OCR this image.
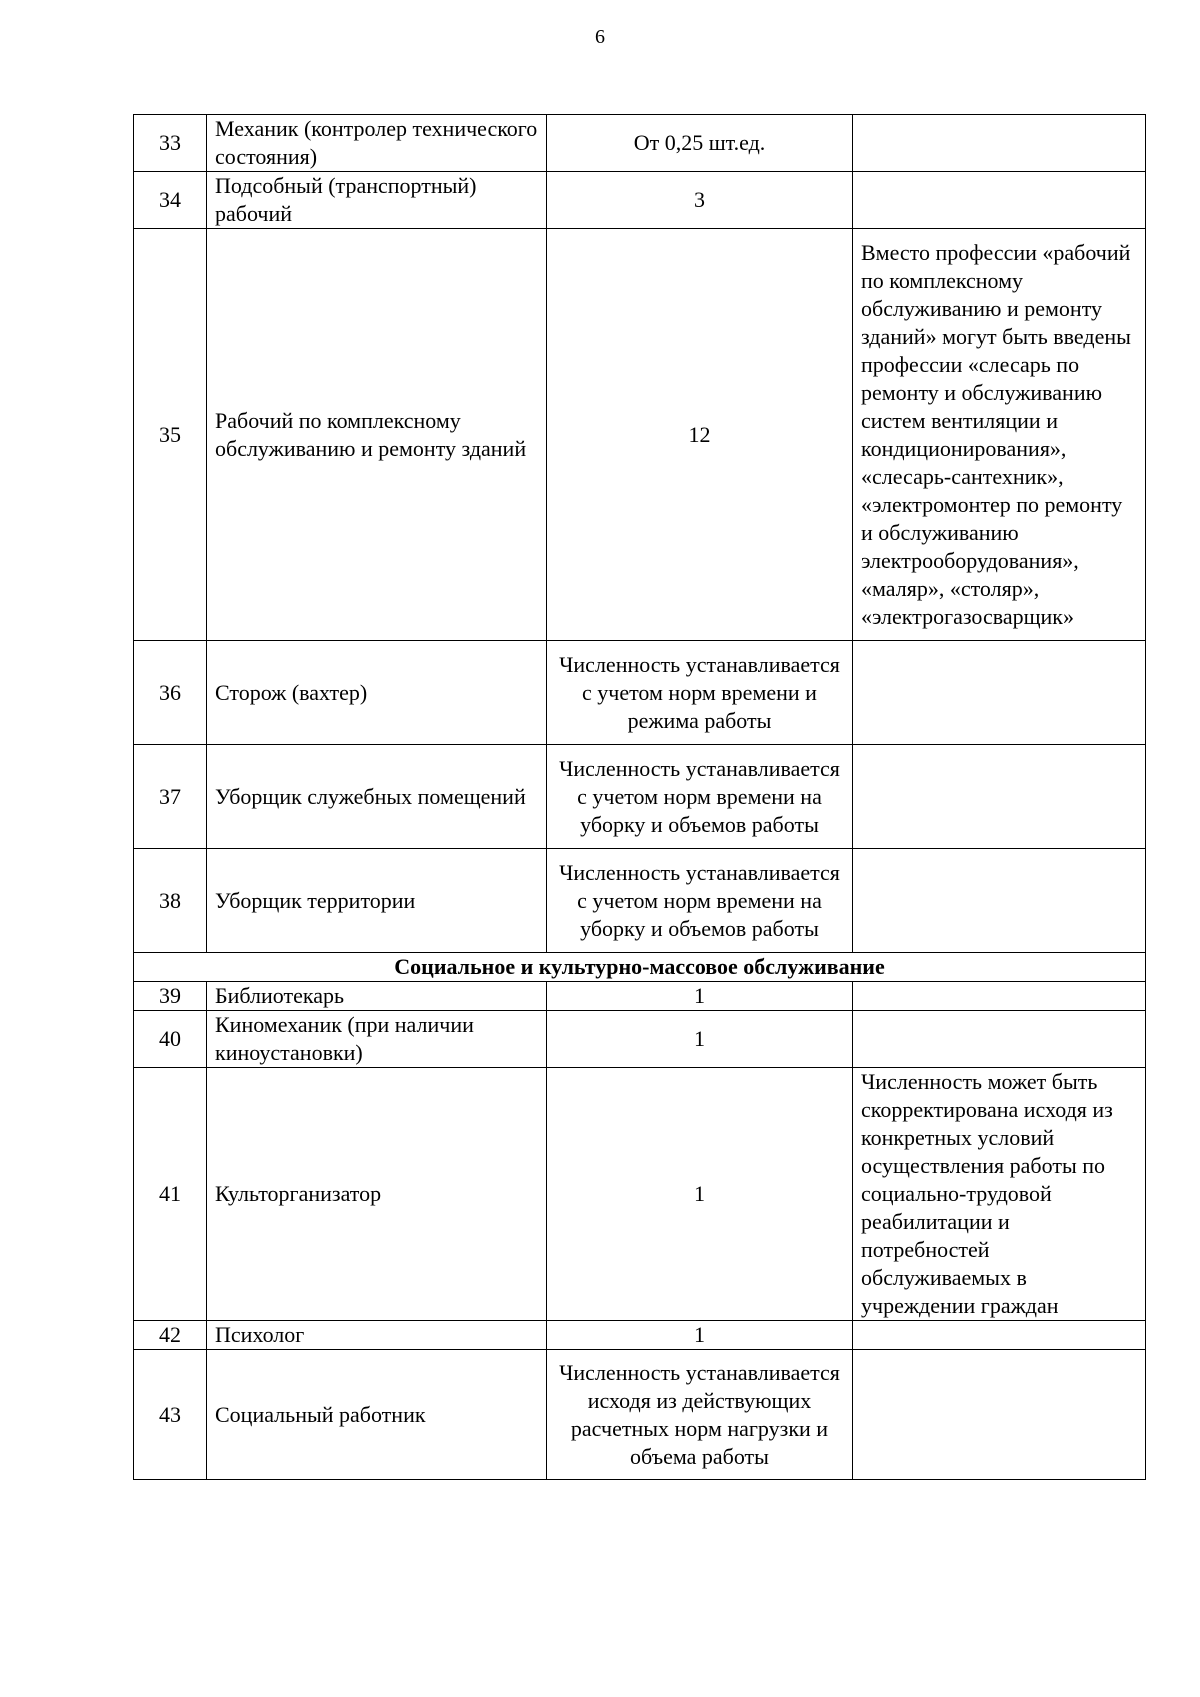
6
33	Механик (контролер технического состояния)	От 0,25 шт.ед.	
34	Подсобный (транспортный) рабочий	3	
35	Рабочий по комплексному обслуживанию и ремонту зданий	12	Вместо профессии «рабочий по комплексному обслуживанию и ремонту зданий» могут быть введены профессии «слесарь по ремонту и обслуживанию систем вентиляции и кондиционирования», «слесарь-сантехник», «электромонтер по ремонту и обслуживанию электрооборудования», «маляр», «столяр», «электрогазосварщик»
36	Сторож (вахтер)	Численность устанавливается с учетом норм времени и режима работы	
37	Уборщик служебных помещений	Численность устанавливается с учетом норм времени на уборку и объемов работы	
38	Уборщик территории	Численность устанавливается с учетом норм времени на уборку и объемов работы	
Социальное и культурно-массовое обслуживание			
39	Библиотекарь	1	
40	Киномеханик (при наличии киноустановки)	1	
41	Культорганизатор	1	Численность может быть скорректирована исходя из конкретных условий осуществления работы по социально-трудовой реабилитации и потребностей обслуживаемых в учреждении граждан
42	Психолог	1	
43	Социальный работник	Численность устанавливается исходя из действующих расчетных норм нагрузки и объема работы	
